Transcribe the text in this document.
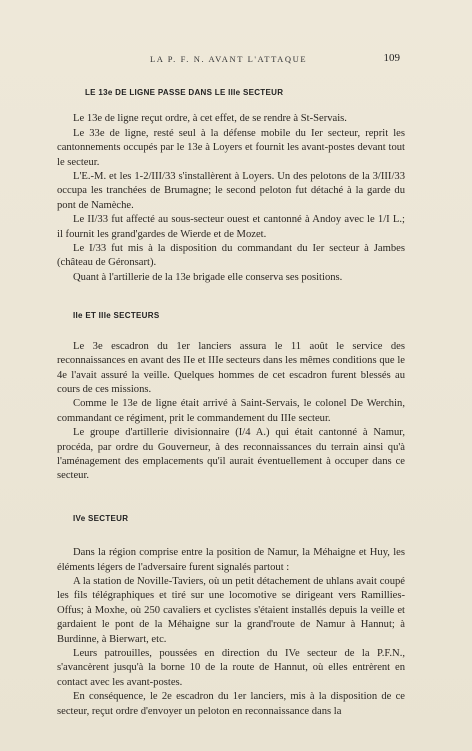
LA P. F. N. AVANT L'ATTAQUE	109
LE 13e DE LIGNE PASSE DANS LE IIIe SECTEUR

Le 13e de ligne reçut ordre, à cet effet, de se rendre à St-Servais.

Le 33e de ligne, resté seul à la défense mobile du Ier secteur, reprit les cantonnements occupés par le 13e à Loyers et fournit les avant-postes devant tout le secteur.

L'E.-M. et les 1-2/III/33 s'installèrent à Loyers. Un des pelotons de la 3/III/33 occupa les tranchées de Brumagne; le second peloton fut détaché à la garde du pont de Namèche.

Le II/33 fut affecté au sous-secteur ouest et cantonné à Andoy avec le 1/I L.; il fournit les grand'gardes de Wierde et de Mozet.

Le I/33 fut mis à la disposition du commandant du Ier secteur à Jambes (château de Géronsart).

Quant à l'artillerie de la 13e brigade elle conserva ses positions.

IIe ET IIIe SECTEURS

Le 3e escadron du 1er lanciers assura le 11 août le service des reconnaissances en avant des IIe et IIIe secteurs dans les mêmes conditions que le 4e l'avait assuré la veille. Quelques hommes de cet escadron furent blessés au cours de ces missions.

Comme le 13e de ligne était arrivé à Saint-Servais, le colonel De Werchin, commandant ce régiment, prit le commandement du IIIe secteur.

Le groupe d'artillerie divisionnaire (I/4 A.) qui était cantonné à Namur, procéda, par ordre du Gouverneur, à des reconnaissances du terrain ainsi qu'à l'aménagement des emplacements qu'il aurait éventuellement à occuper dans ce secteur.

IVe SECTEUR

Dans la région comprise entre la position de Namur, la Méhaigne et Huy, les éléments légers de l'adversaire furent signalés partout :

A la station de Noville-Taviers, où un petit détachement de uhlans avait coupé les fils télégraphiques et tiré sur une locomotive se dirigeant vers Ramillies-Offus; à Moxhe, où 250 cavaliers et cyclistes s'étaient installés depuis la veille et gardaient le pont de la Méhaigne sur la grand'route de Namur à Hannut; à Burdinne, à Bierwart, etc.

Leurs patrouilles, poussées en direction du IVe secteur de la P.F.N., s'avancèrent jusqu'à la borne 10 de la route de Hannut, où elles entrèrent en contact avec les avant-postes.

En conséquence, le 2e escadron du 1er lanciers, mis à la disposition de ce secteur, reçut ordre d'envoyer un peloton en reconnaissance dans la
